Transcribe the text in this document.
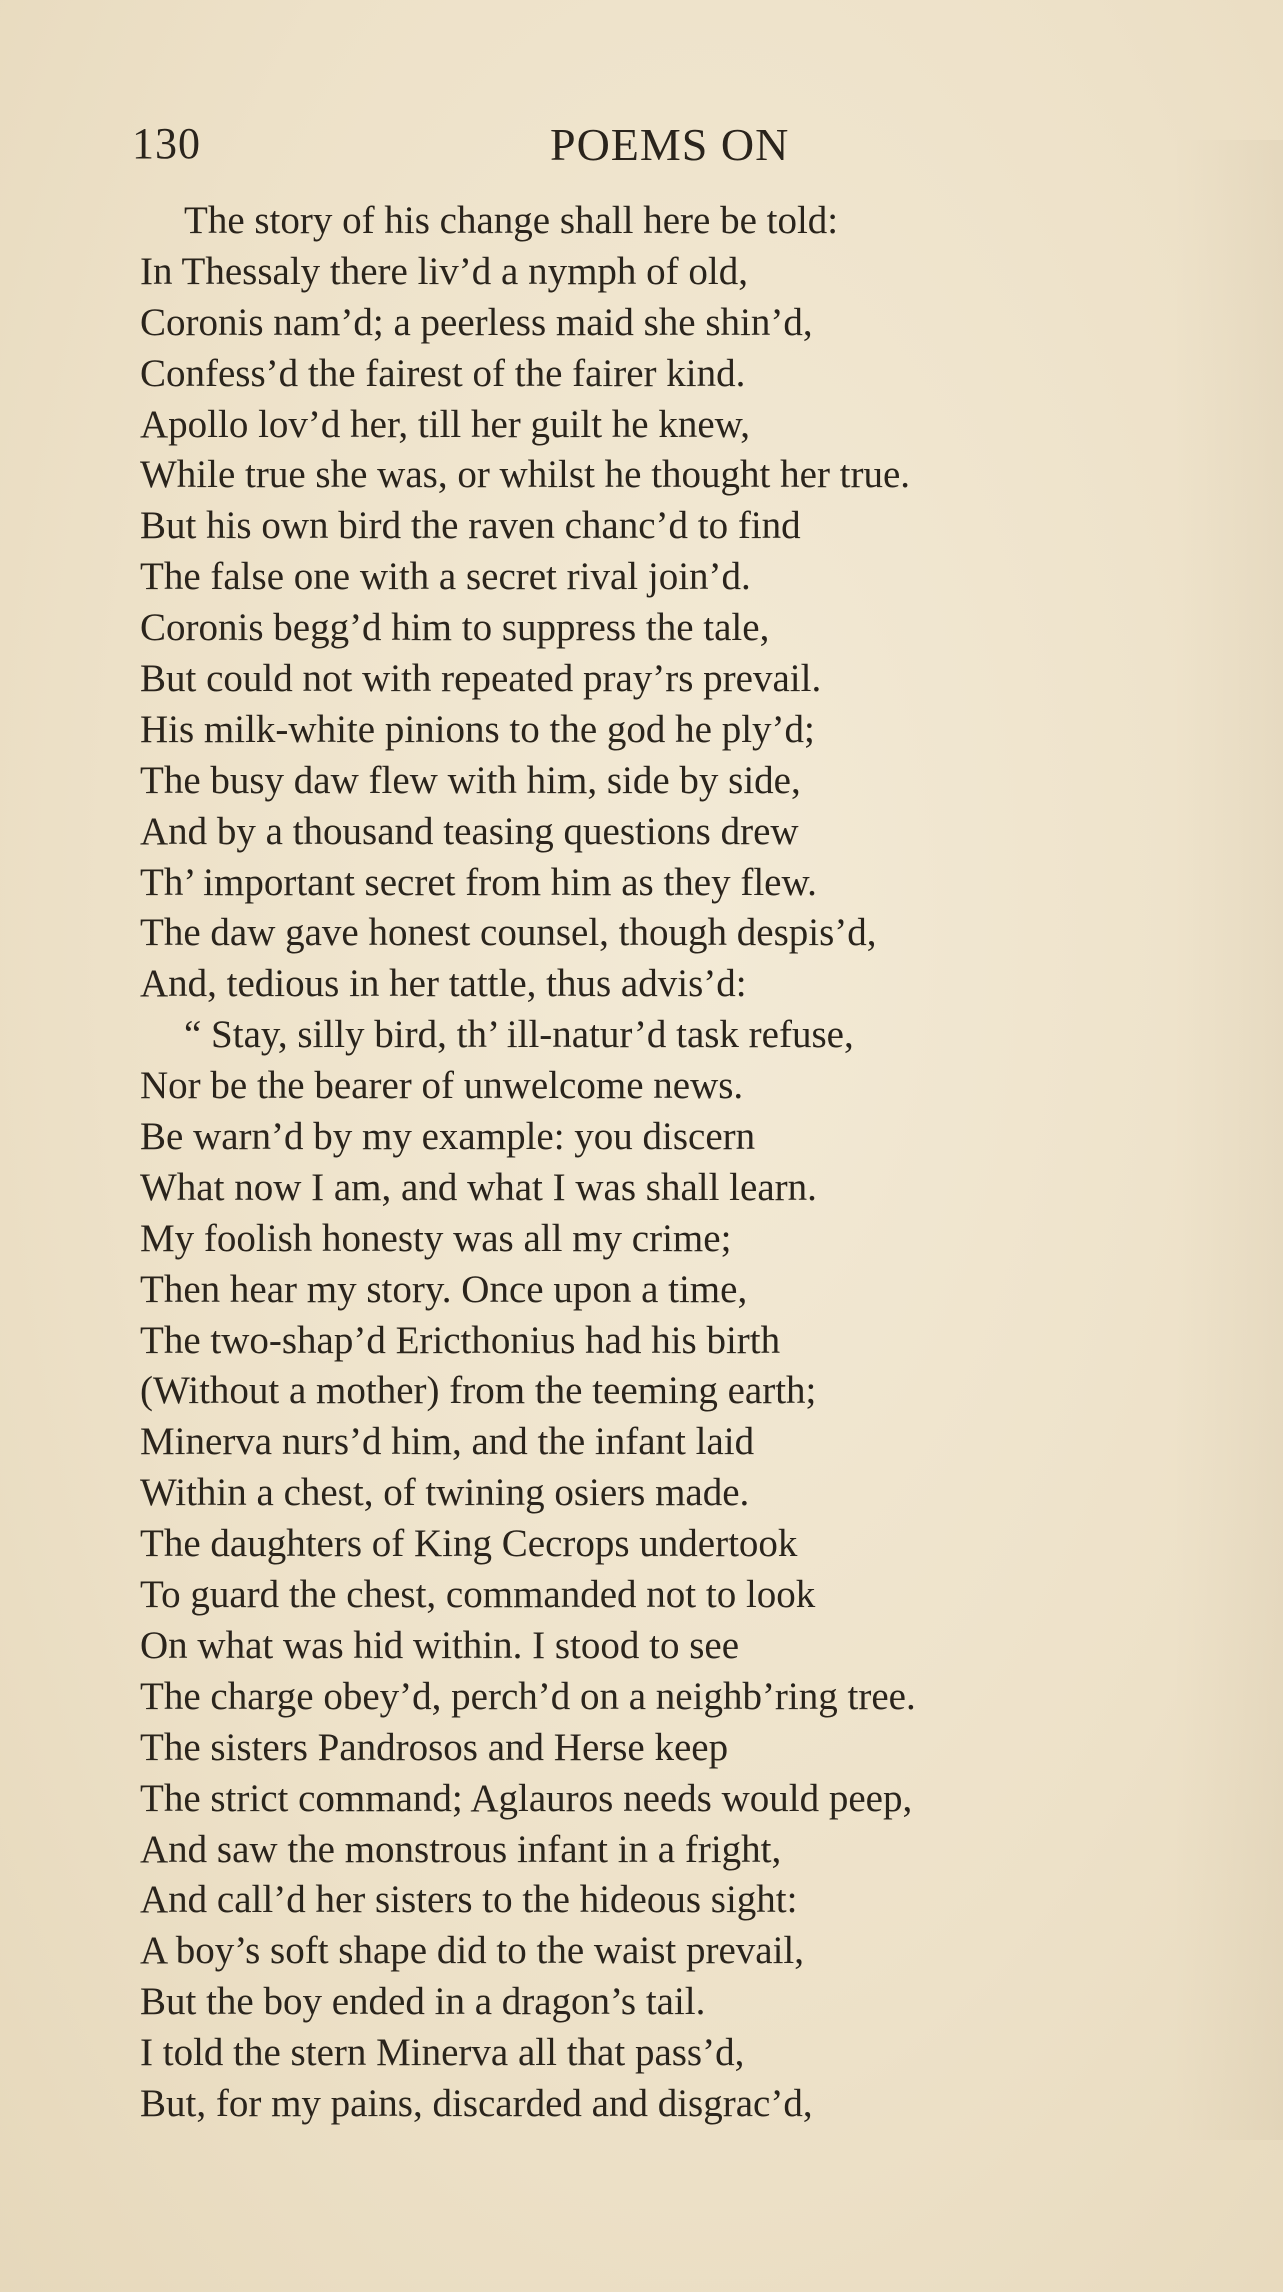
130	POEMS ON
The story of his change shall here be told:
In Thessaly there liv’d a nymph of old,
Coronis nam’d; a peerless maid she shin’d,
Confess’d the fairest of the fairer kind.
Apollo lov’d her, till her guilt he knew,
While true she was, or whilst he thought her true.
But his own bird the raven chanc’d to find
The false one with a secret rival join’d.
Coronis begg’d him to suppress the tale,
But could not with repeated pray’rs prevail.
His milk-white pinions to the god he ply’d;
The busy daw flew with him, side by side,
And by a thousand teasing questions drew
Th’ important secret from him as they flew.
The daw gave honest counsel, though despis’d,
And, tedious in her tattle, thus advis’d:
“ Stay, silly bird, th’ ill-natur’d task refuse,
Nor be the bearer of unwelcome news.
Be warn’d by my example: you discern
What now I am, and what I was shall learn.
My foolish honesty was all my crime;
Then hear my story. Once upon a time,
The two-shap’d Ericthonius had his birth
(Without a mother) from the teeming earth;
Minerva nurs’d him, and the infant laid
Within a chest, of twining osiers made.
The daughters of King Cecrops undertook
To guard the chest, commanded not to look
On what was hid within. I stood to see
The charge obey’d, perch’d on a neighb’ring tree.
The sisters Pandrosos and Herse keep
The strict command; Aglauros needs would peep,
And saw the monstrous infant in a fright,
And call’d her sisters to the hideous sight:
A boy’s soft shape did to the waist prevail,
But the boy ended in a dragon’s tail.
I told the stern Minerva all that pass’d,
But, for my pains, discarded and disgrac’d,
